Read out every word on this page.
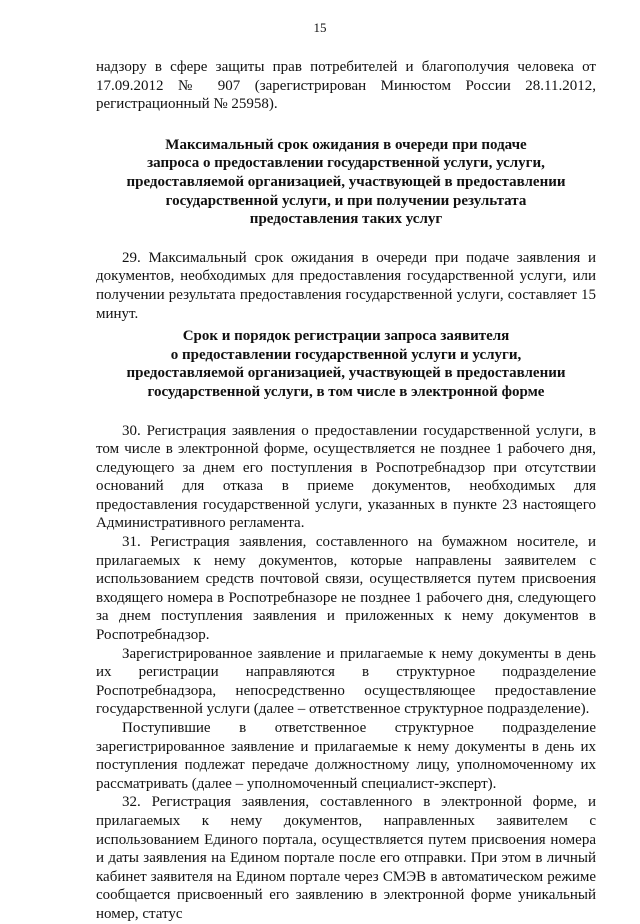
15

надзору в сфере защиты прав потребителей и благополучия человека от 17.09.2012 № 907 (зарегистрирован Минюстом России 28.11.2012, регистрационный № 25958).

Максимальный срок ожидания в очереди при подаче
запроса о предоставлении государственной услуги, услуги,
предоставляемой организацией, участвующей в предоставлении
государственной услуги, и при получении результата
предоставления таких услуг

29. Максимальный срок ожидания в очереди при подаче заявления и документов, необходимых для предоставления государственной услуги, или получении результата предоставления государственной услуги, составляет 15 минут.

Срок и порядок регистрации запроса заявителя
о предоставлении государственной услуги и услуги,
предоставляемой организацией, участвующей в предоставлении
государственной услуги, в том числе в электронной форме

30. Регистрация заявления о предоставлении государственной услуги, в том числе в электронной форме, осуществляется не позднее 1 рабочего дня, следующего за днем его поступления в Роспотребнадзор при отсутствии оснований для отказа в приеме документов, необходимых для предоставления государственной услуги, указанных в пункте 23 настоящего Административного регламента.

31. Регистрация заявления, составленного на бумажном носителе, и прилагаемых к нему документов, которые направлены заявителем с использованием средств почтовой связи, осуществляется путем присвоения входящего номера в Роспотребназоре не позднее 1 рабочего дня, следующего за днем поступления заявления и приложенных к нему документов в Роспотребнадзор.

Зарегистрированное заявление и прилагаемые к нему документы в день их регистрации направляются в структурное подразделение Роспотребнадзора, непосредственно осуществляющее предоставление государственной услуги (далее – ответственное структурное подразделение).

Поступившие в ответственное структурное подразделение зарегистрированное заявление и прилагаемые к нему документы в день их поступления подлежат передаче должностному лицу, уполномоченному их рассматривать (далее – уполномоченный специалист-эксперт).

32. Регистрация заявления, составленного в электронной форме, и прилагаемых к нему документов, направленных заявителем с использованием Единого портала, осуществляется путем присвоения номера и даты заявления на Едином портале после его отправки. При этом в личный кабинет заявителя на Едином портале через СМЭВ в автоматическом режиме сообщается присвоенный его заявлению в электронной форме уникальный номер, статус
